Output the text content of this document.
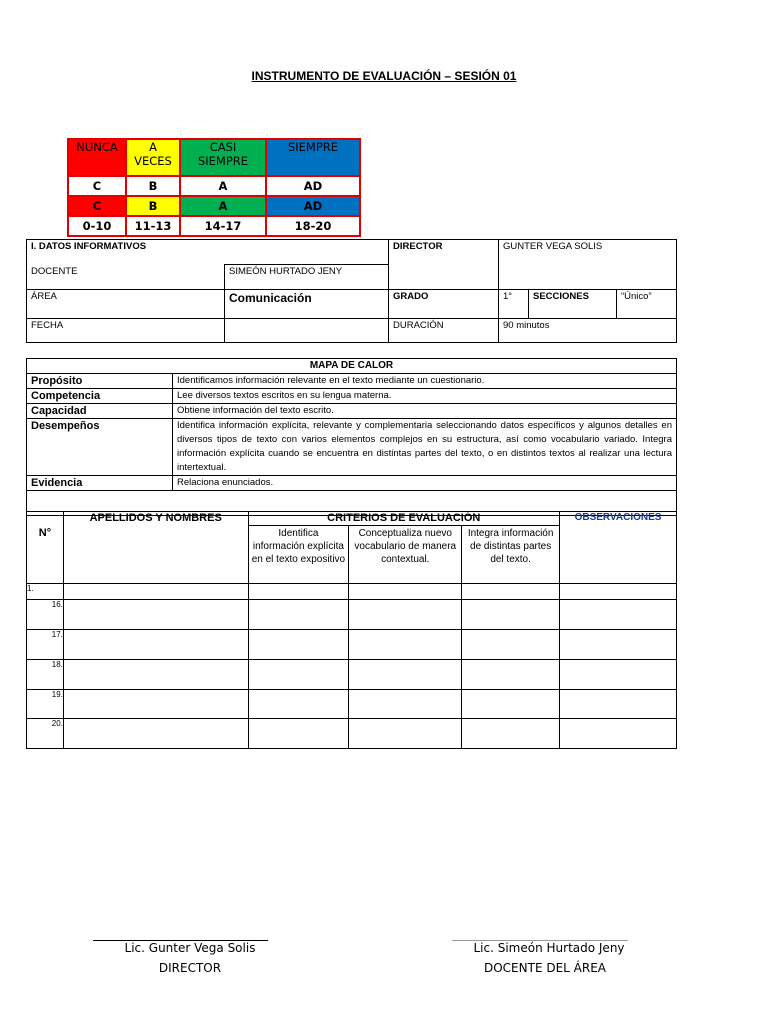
INSTRUMENTO DE EVALUACIÓN – SESIÓN 01
NUNCA	A VECES	CASI SIEMPRE	SIEMPRE
C	B	A	AD
C	B	A	AD
0-10	11-13	14-17	18-20
I. DATOS INFORMATIVOS		DIRECTOR	GUNTER VEGA SOLIS		
DOCENTE	SIMEÓN HURTADO JENY				
ÁREA	Comunicación	GRADO	1°	SECCIONES	“Único”
FECHA		DURACIÓN	90 minutos		
MAPA DE CALOR	
Propósito	Identificamos información relevante en el texto mediante un cuestionario.
Competencia	Lee diversos textos escritos en su lengua materna.
Capacidad	Obtiene información del texto escrito.
Desempeños	Identifica información explícita, relevante y complementaria seleccionando datos específicos y algunos detalles en diversos tipos de texto con varios elementos complejos en su estructura, así como vocabulario variado. Integra información explícita cuando se encuentra en distintas partes del texto, o en distintos textos al realizar una lectura intertextual.
Evidencia	Relaciona enunciados.

N°	APELLIDOS Y NOMBRES	CRITERIOS DE EVALUACIÓN			OBSERVACIONES
		Identifica información explícita en el texto expositivo	Conceptualiza nuevo vocabulario de manera contextual.	Integra información de distintas partes del texto.	
1.					
16.					
17.					
18.					
19.					
20.					
Lic. Gunter Vega Solis
DIRECTOR
Lic. Simeón Hurtado Jeny
DOCENTE DEL ÁREA
